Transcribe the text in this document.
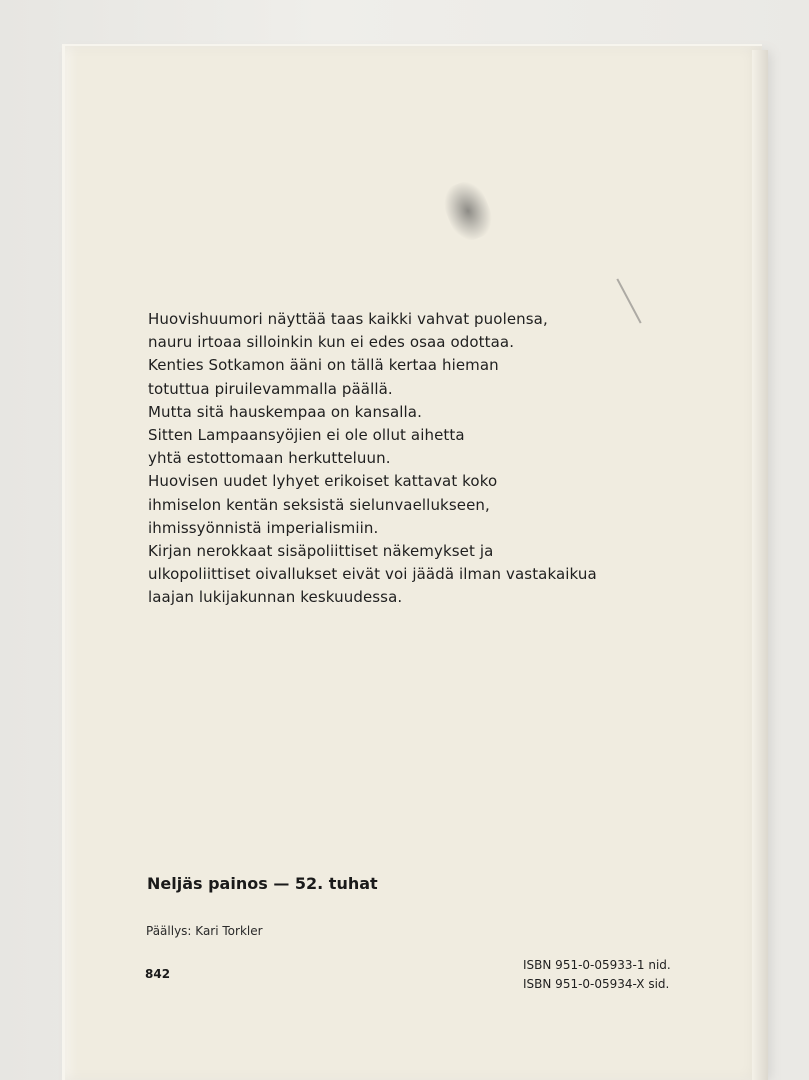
Huovishuumori näyttää taas kaikki vahvat puolensa,
nauru irtoaa silloinkin kun ei edes osaa odottaa.
Kenties Sotkamon ääni on tällä kertaa hieman
totuttua piruilevammalla päällä.
Mutta sitä hauskempaa on kansalla.
Sitten Lampaansyöjien ei ole ollut aihetta
yhtä estottomaan herkutteluun.
Huovisen uudet lyhyet erikoiset kattavat koko
ihmiselon kentän seksistä sielunvaellukseen,
ihmissyönnistä imperialismiin.
Kirjan nerokkaat sisäpoliittiset näkemykset ja
ulkopoliittiset oivallukset eivät voi jäädä ilman vastakaikua
laajan lukijakunnan keskuudessa.
Neljäs painos — 52. tuhat
Päällys: Kari Torkler
842
ISBN 951-0-05933-1 nid.
ISBN 951-0-05934-X sid.
